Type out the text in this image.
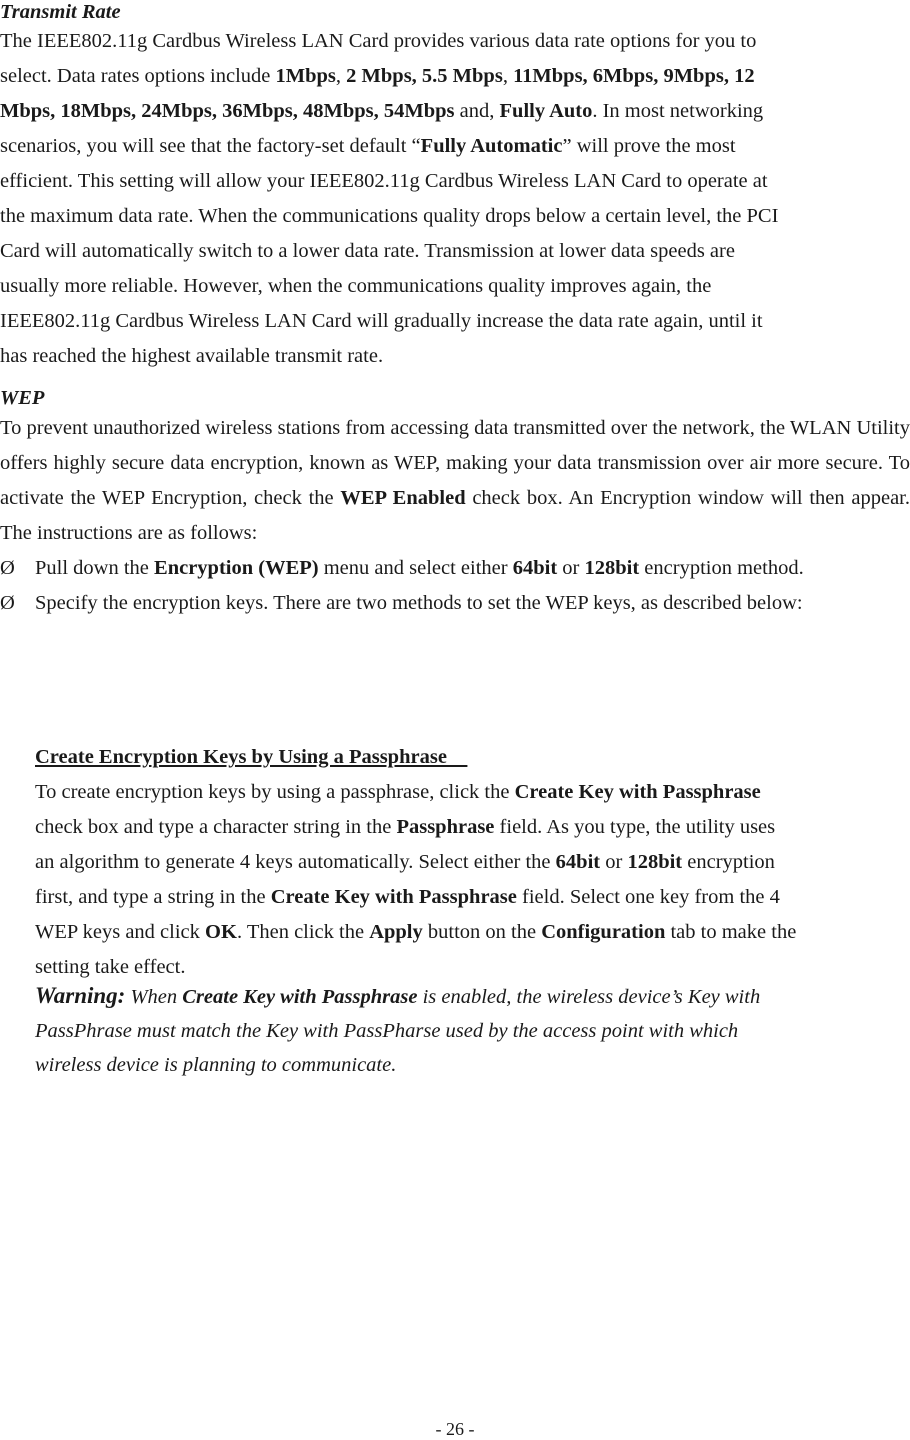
Transmit Rate
The IEEE802.11g Cardbus Wireless LAN Card provides various data rate options for you to
select. Data rates options include 1Mbps, 2 Mbps, 5.5 Mbps, 11Mbps, 6Mbps, 9Mbps, 12
Mbps, 18Mbps, 24Mbps, 36Mbps, 48Mbps, 54Mbps and, Fully Auto. In most networking
scenarios, you will see that the factory-set default “Fully Automatic” will prove the most
efficient. This setting will allow your IEEE802.11g Cardbus Wireless LAN Card to operate at
the maximum data rate. When the communications quality drops below a certain level, the PCI
Card will automatically switch to a lower data rate. Transmission at lower data speeds are
usually more reliable. However, when the communications quality improves again, the
IEEE802.11g Cardbus Wireless LAN Card will gradually increase the data rate again, until it
has reached the highest available transmit rate.
WEP
To prevent unauthorized wireless stations from accessing data transmitted over the network, the WLAN Utility offers highly secure data encryption, known as WEP, making your data transmission over air more secure. To activate the WEP Encryption, check the WEP Enabled check box. An Encryption window will then appear. The instructions are as follows:
Ø Pull down the Encryption (WEP) menu and select either 64bit or 128bit encryption method.
Ø Specify the encryption keys. There are two methods to set the WEP keys, as described below:
Create Encryption Keys by Using a Passphrase
To create encryption keys by using a passphrase, click the Create Key with Passphrase
check box and type a character string in the Passphrase field. As you type, the utility uses
an algorithm to generate 4 keys automatically. Select either the 64bit or 128bit encryption
first, and type a string in the Create Key with Passphrase field. Select one key from the 4
WEP keys and click OK. Then click the Apply button on the Configuration tab to make the
setting take effect.
Warning: When Create Key with Passphrase is enabled, the wireless device’s Key with
PassPhrase must match the Key with PassPharse used by the access point with which
wireless device is planning to communicate.
- 26 -
